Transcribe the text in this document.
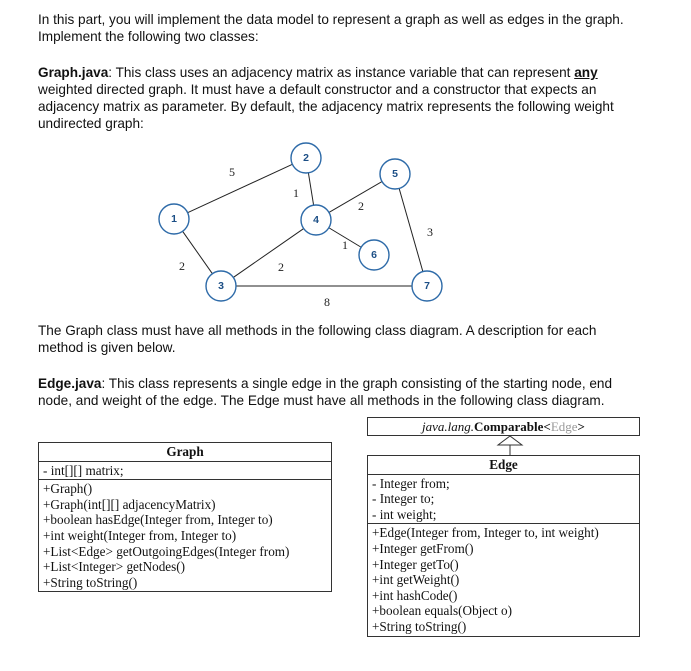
In this part, you will implement the data model to represent a graph as well as edges in the graph. Implement the following two classes:
Graph.java: This class uses an adjacency matrix as instance variable that can represent any weighted directed graph. It must have a default constructor and a constructor that expects an adjacency matrix as parameter. By default, the adjacency matrix represents the following weight undirected graph:
5
1
2
3
1
2	2
8
1
2
3
4
5
6
7
The Graph class must have all methods in the following class diagram. A description for each method is given below.
Edge.java: This class represents a single edge in the graph consisting of the starting node, end node, and weight of the edge. The Edge must have all methods in the following class diagram.
Graph
- int[][] matrix;
+Graph()
+Graph(int[][] adjacencyMatrix)
+boolean hasEdge(Integer from, Integer to)
+int weight(Integer from, Integer to)
+List<Edge> getOutgoingEdges(Integer from)
+List<Integer> getNodes()
+String toString()
java.lang.Comparable<Edge>
Edge
- Integer from;
- Integer to;
- int weight;
+Edge(Integer from, Integer to, int weight)
+Integer getFrom()
+Integer getTo()
+int getWeight()
+int hashCode()
+boolean equals(Object o)
+String toString()
